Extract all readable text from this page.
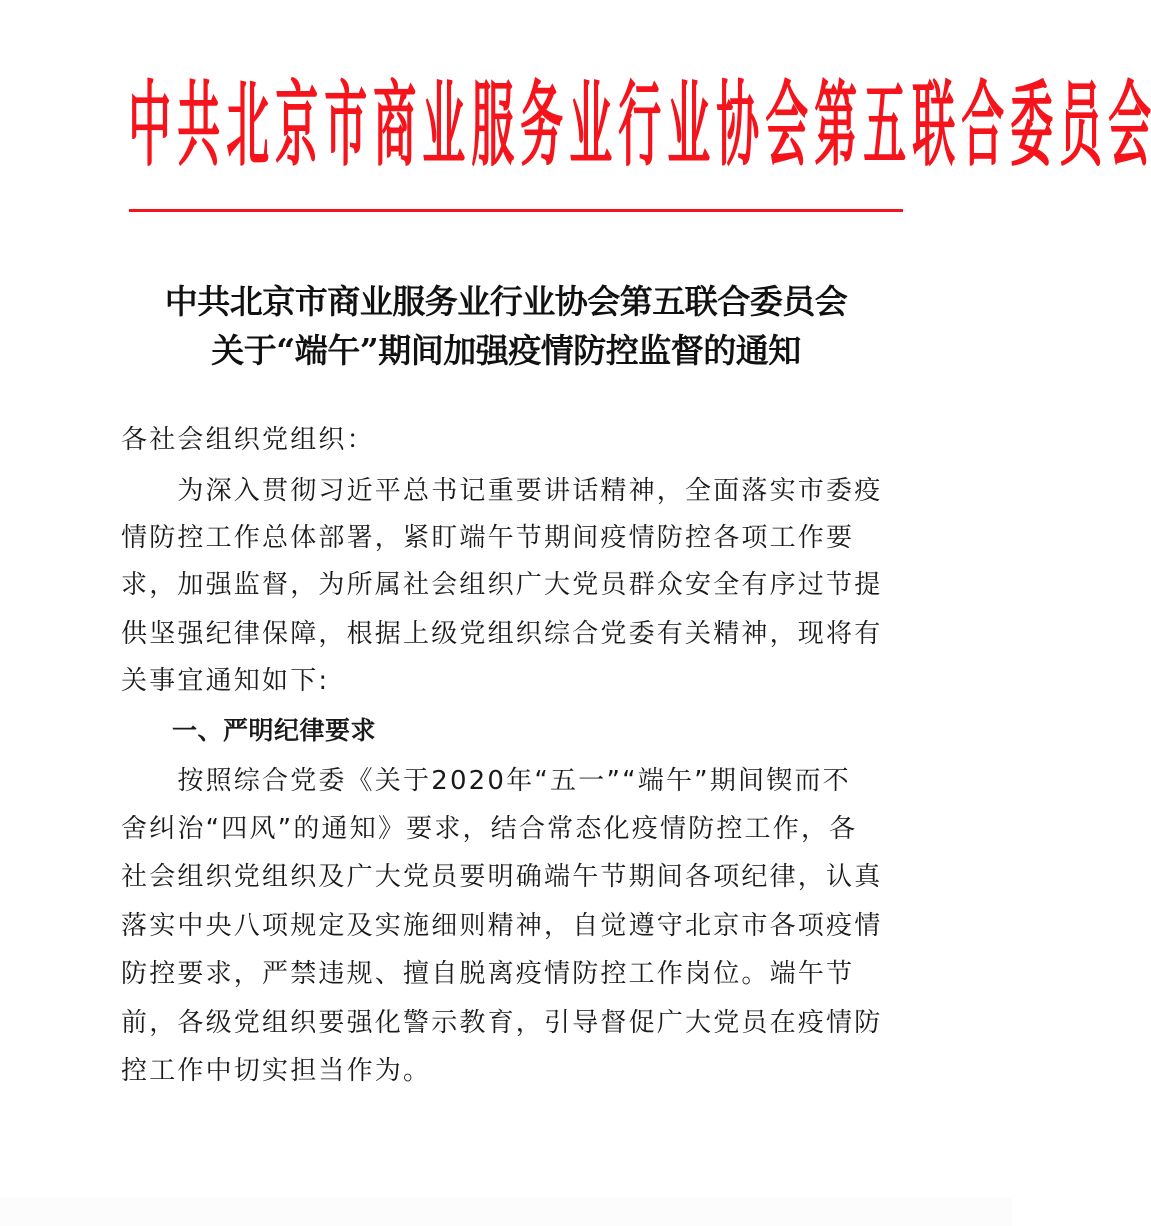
中 共 北 京 市 商 业 服 务 业 行 业 协 会 第 五 联 合 委 员 会
中共北京市商业服务业行业协会第五联合委员会
关于“端午”期间加强疫情防控监督的通知
各社会组织党组织：
　　为深入贯彻习近平总书记重要讲话精神，全面落实市委疫
情防控工作总体部署，紧盯端午节期间疫情防控各项工作要
求，加强监督，为所属社会组织广大党员群众安全有序过节提
供坚强纪律保障，根据上级党组织综合党委有关精神，现将有
关事宜通知如下:
　　一、严明纪律要求
　　按照综合党委《关于2020年“五一”“端午”期间锲而不
舍纠治“四风”的通知》要求，结合常态化疫情防控工作，各
社会组织党组织及广大党员要明确端午节期间各项纪律，认真
落实中央八项规定及实施细则精神，自觉遵守北京市各项疫情
防控要求，严禁违规、擅自脱离疫情防控工作岗位。端午节
前，各级党组织要强化警示教育，引导督促广大党员在疫情防
控工作中切实担当作为。
